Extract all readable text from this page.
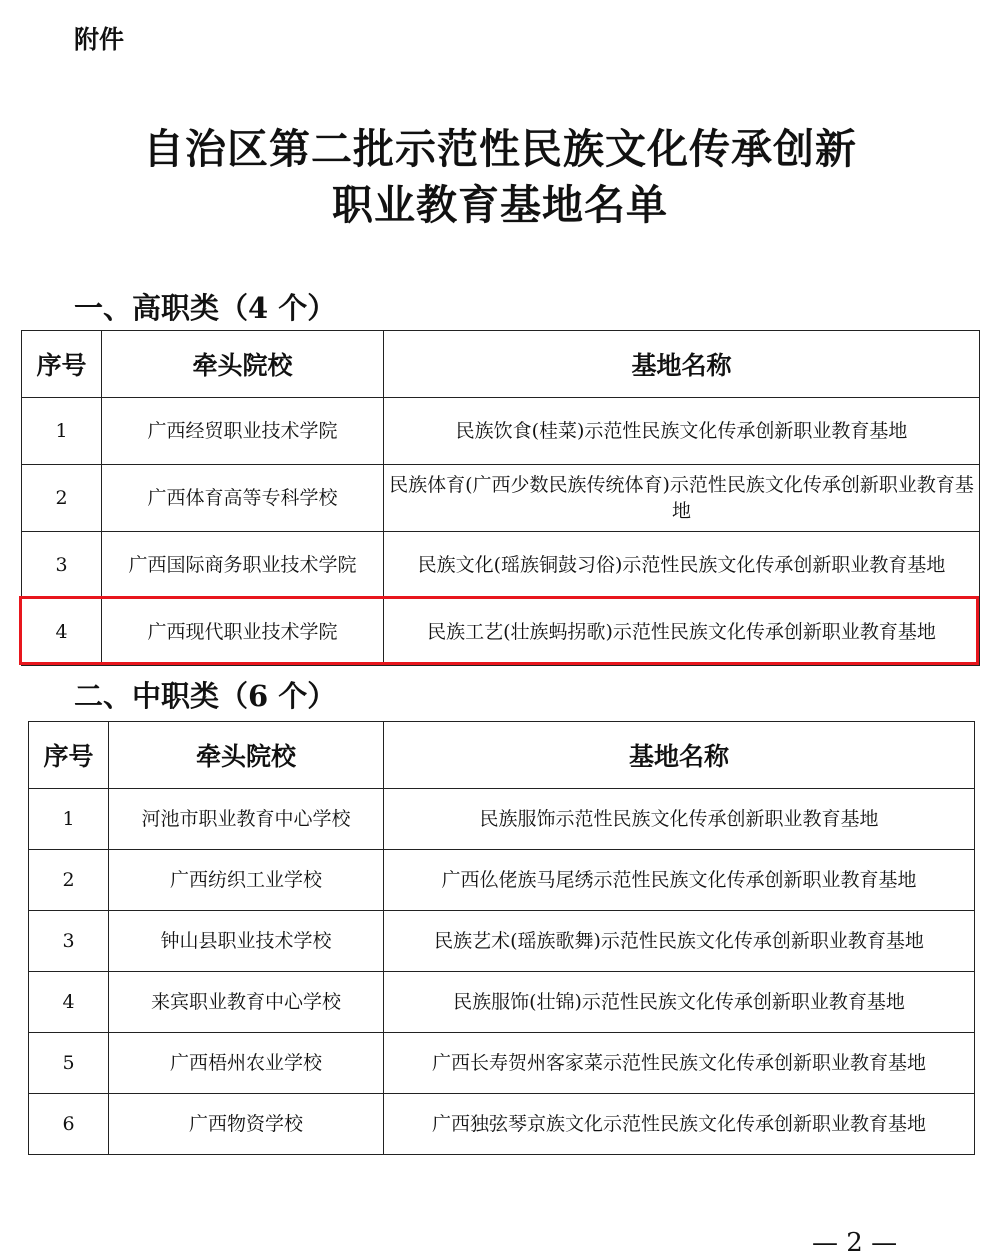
附件
自治区第二批示范性民族文化传承创新
职业教育基地名单
一、高职类（4 个）
序号	牵头院校	基地名称
1	广西经贸职业技术学院	民族饮食(桂菜)示范性民族文化传承创新职业教育基地
2	广西体育高等专科学校	民族体育(广西少数民族传统体育)示范性民族文化传承创新职业教育基地
3	广西国际商务职业技术学院	民族文化(瑶族铜鼓习俗)示范性民族文化传承创新职业教育基地
4	广西现代职业技术学院	民族工艺(壮族蚂拐歌)示范性民族文化传承创新职业教育基地
二、中职类（6 个）
序号	牵头院校	基地名称
1	河池市职业教育中心学校	民族服饰示范性民族文化传承创新职业教育基地
2	广西纺织工业学校	广西仫佬族马尾绣示范性民族文化传承创新职业教育基地
3	钟山县职业技术学校	民族艺术(瑶族歌舞)示范性民族文化传承创新职业教育基地
4	来宾职业教育中心学校	民族服饰(壮锦)示范性民族文化传承创新职业教育基地
5	广西梧州农业学校	广西长寿贺州客家菜示范性民族文化传承创新职业教育基地
6	广西物资学校	广西独弦琴京族文化示范性民族文化传承创新职业教育基地
— 2 —
